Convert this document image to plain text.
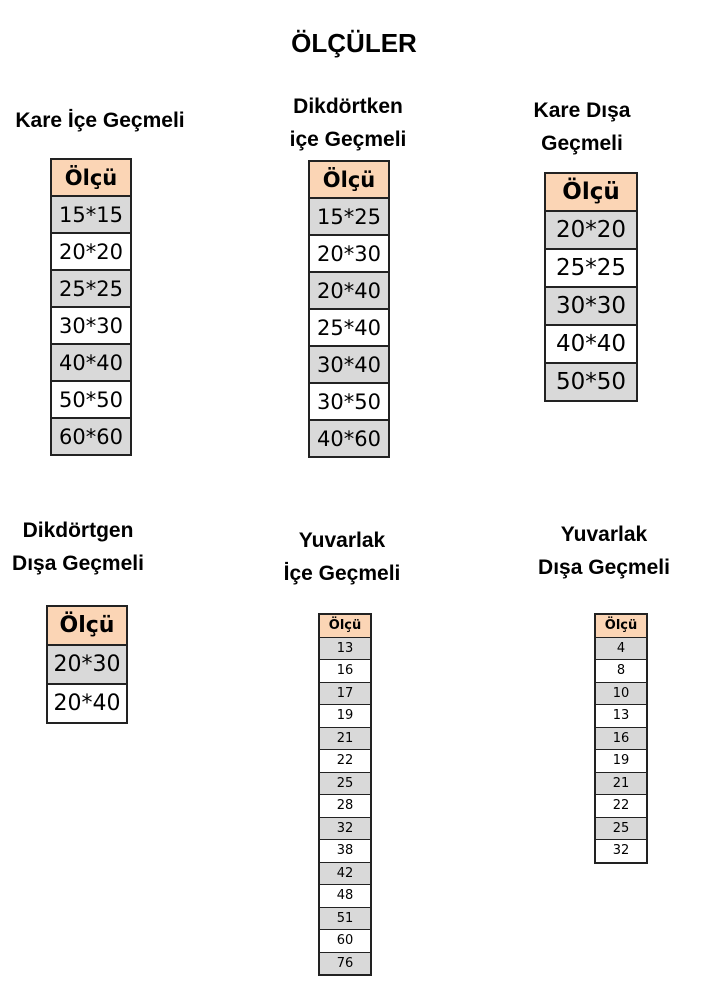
ÖLÇÜLER
Kare İçe Geçmeli
Dikdörtken
içe Geçmeli
Kare Dışa
Geçmeli
Dikdörtgen
Dışa Geçmeli
Yuvarlak
İçe Geçmeli
Yuvarlak
Dışa Geçmeli
Ölçü
15*15
20*20
25*25
30*30
40*40
50*50
60*60
Ölçü
15*25
20*30
20*40
25*40
30*40
30*50
40*60
Ölçü
20*20
25*25
30*30
40*40
50*50
Ölçü
20*30
20*40
Ölçü
13
16
17
19
21
22
25
28
32
38
42
48
51
60
76
Ölçü
4
8
10
13
16
19
21
22
25
32
